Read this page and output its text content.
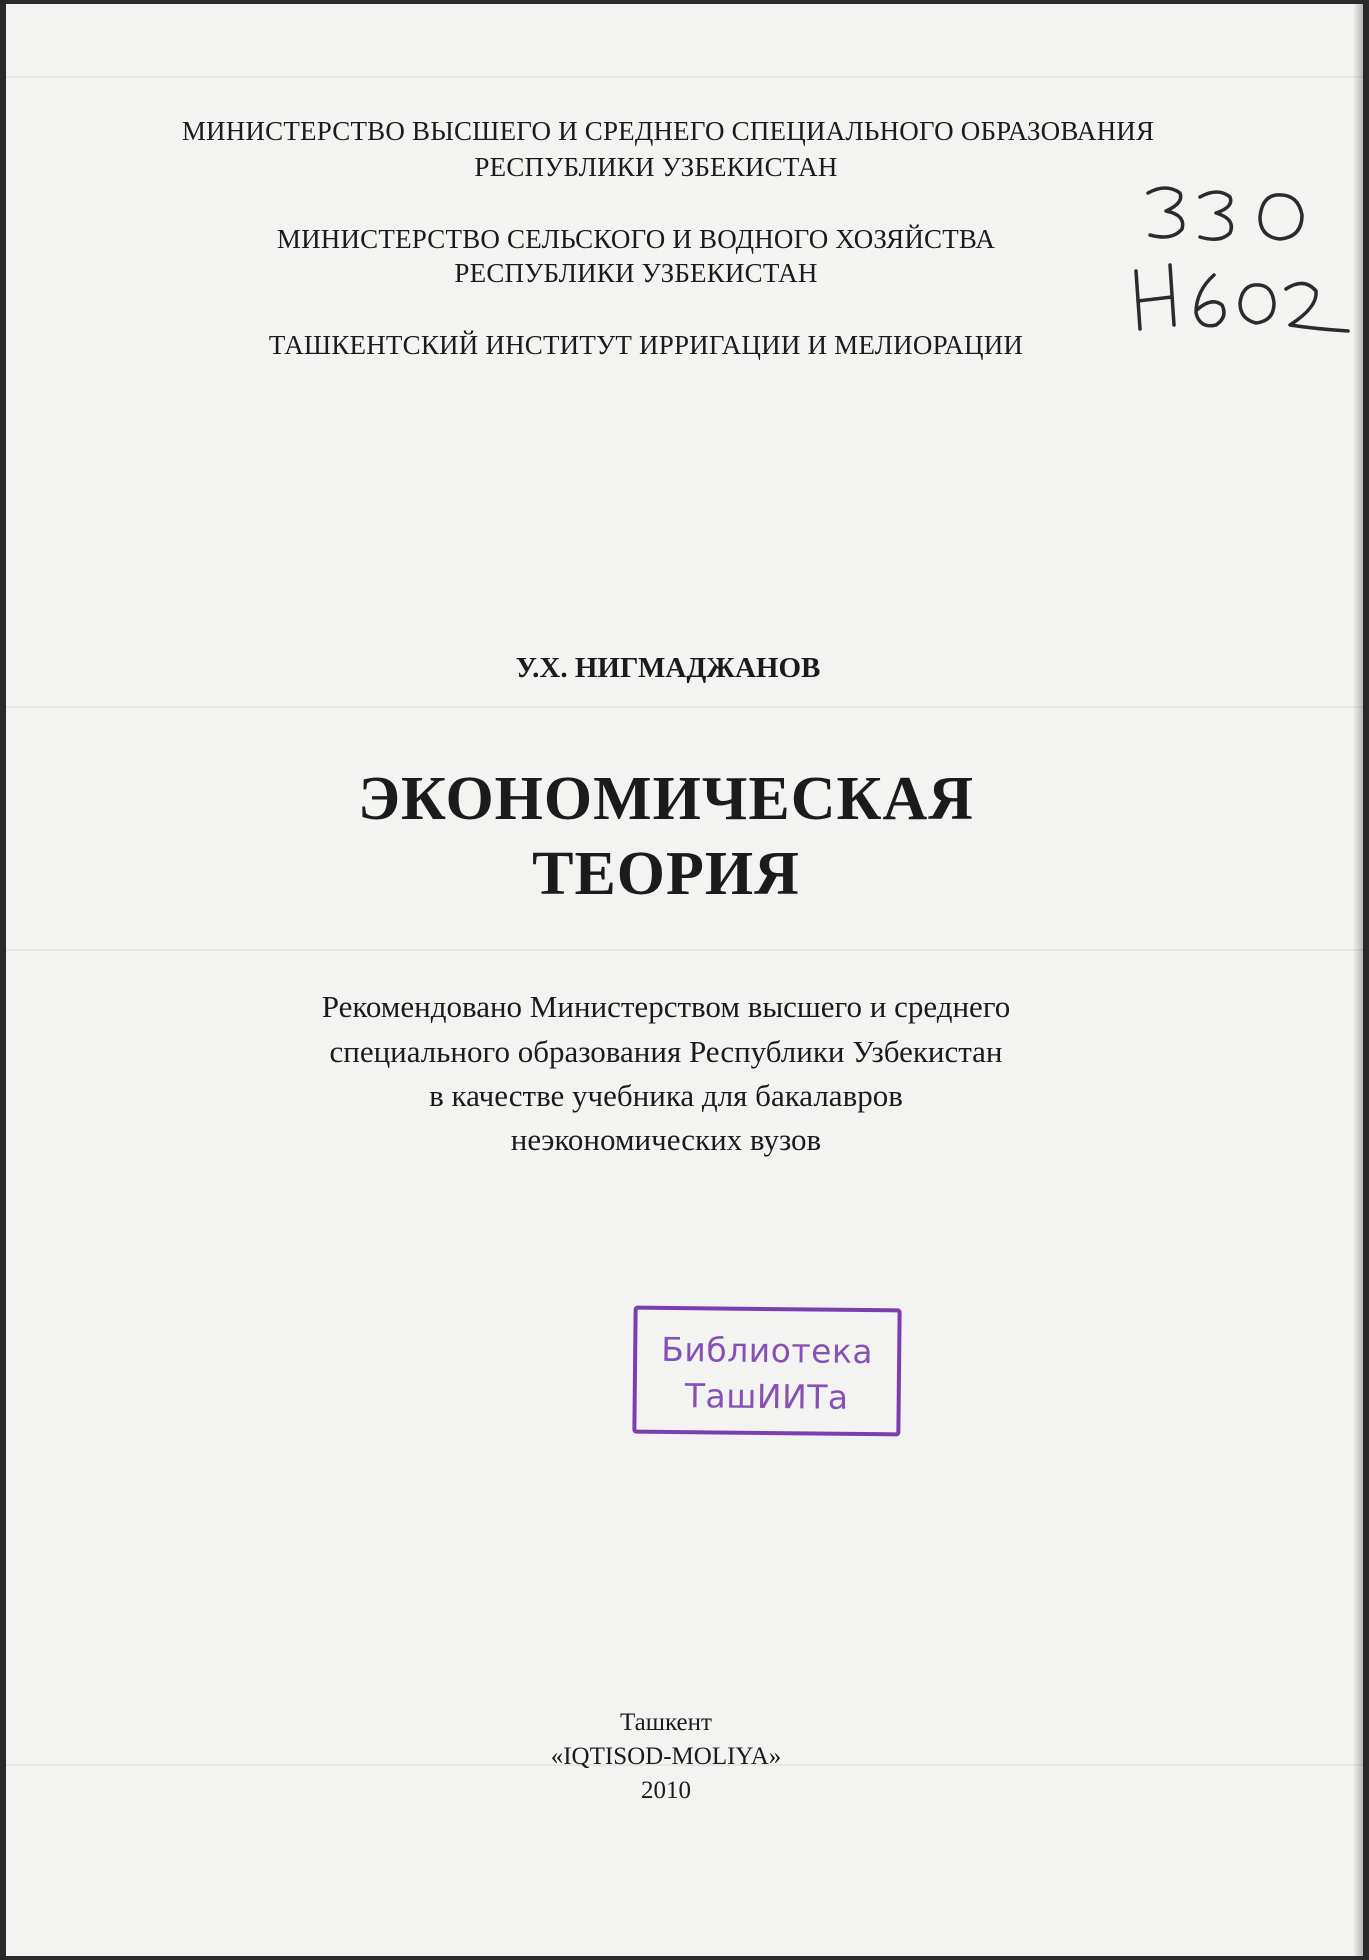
МИНИСТЕРСТВО ВЫСШЕГО И СРЕДНЕГО СПЕЦИАЛЬНОГО ОБРАЗОВАНИЯ
РЕСПУБЛИКИ УЗБЕКИСТАН
МИНИСТЕРСТВО СЕЛЬСКОГО И ВОДНОГО ХОЗЯЙСТВА
РЕСПУБЛИКИ УЗБЕКИСТАН
ТАШКЕНТСКИЙ ИНСТИТУТ ИРРИГАЦИИ И МЕЛИОРАЦИИ
У.Х. НИГМАДЖАНОВ
ЭКОНОМИЧЕСКАЯ
ТЕОРИЯ
Рекомендовано Министерством высшего и среднего
специального образования Республики Узбекистан
в качестве учебника для бакалавров
неэкономических вузов
Библиотека
ТашИИТа
Ташкент
«IQTISOD-MOLIYA»
2010
